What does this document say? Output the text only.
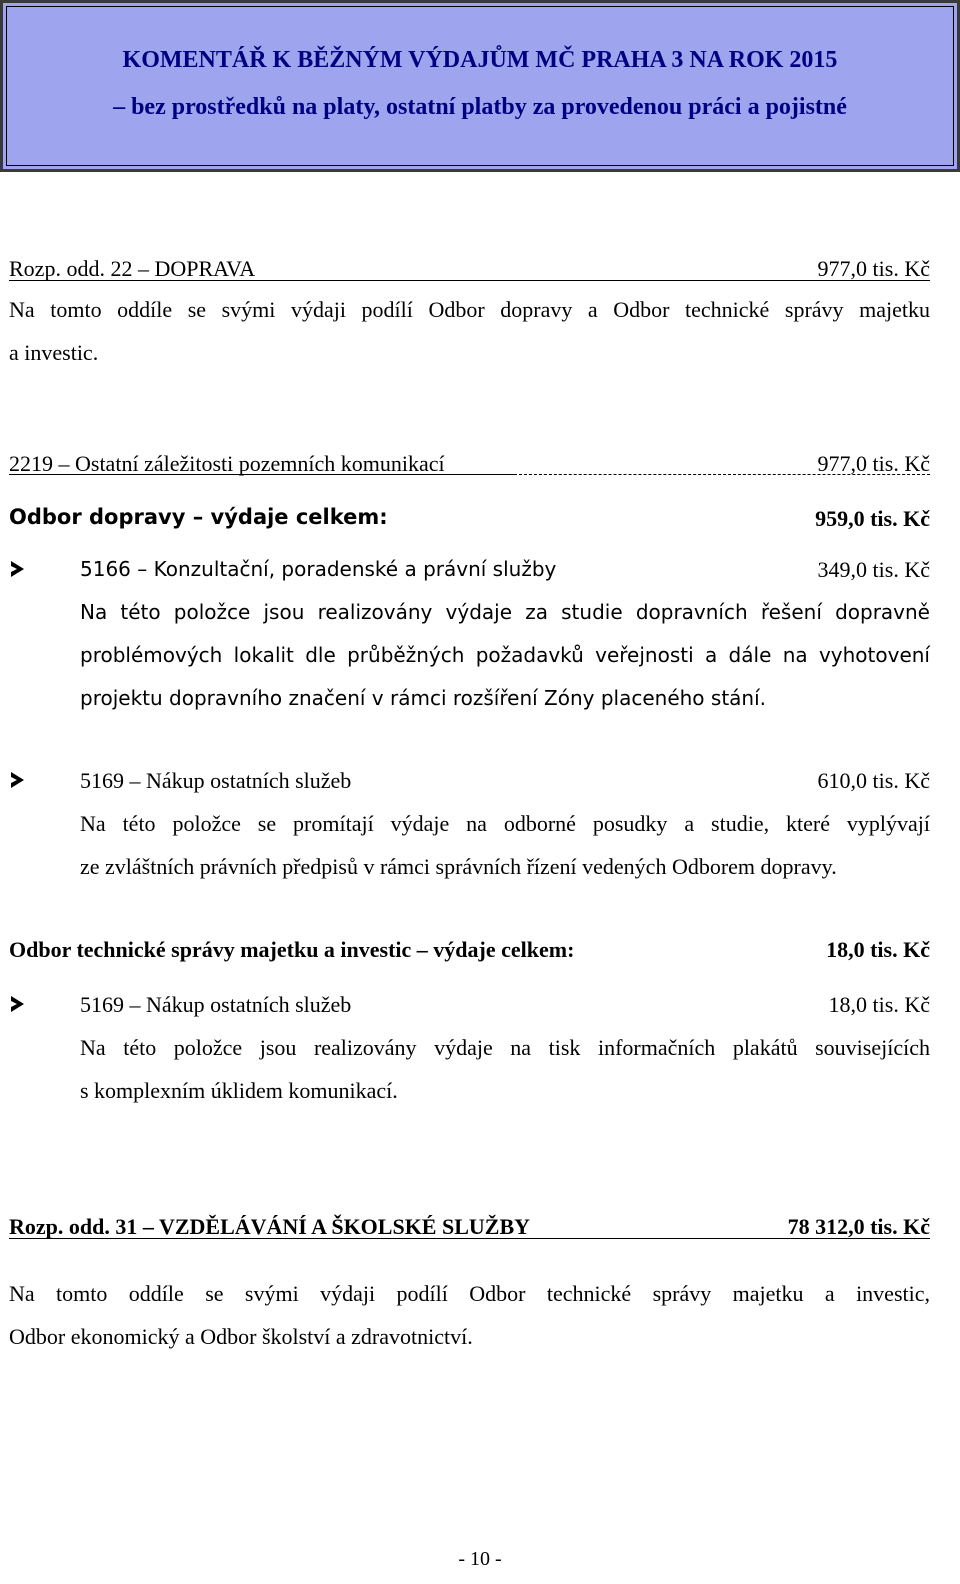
KOMENTÁŘ K BĚŽNÝM VÝDAJŮM MČ PRAHA 3 NA ROK 2015
– bez prostředků na platy, ostatní platby za provedenou práci a pojistné
Rozp. odd. 22 – DOPRAVA	977,0 tis. Kč
Na tomto oddíle se svými výdaji podílí Odbor dopravy a Odbor technické správy majetku
a investic.
2219 – Ostatní záležitosti pozemních komunikací	977,0 tis. Kč
Odbor dopravy – výdaje celkem:	959,0 tis. Kč
5166 – Konzultační, poradenské a právní služby	349,0 tis. Kč
Na této položce jsou realizovány výdaje za studie dopravních řešení dopravně
problémových lokalit dle průběžných požadavků veřejnosti a dále na vyhotovení
projektu dopravního značení v rámci rozšíření Zóny placeného stání.
5169 – Nákup ostatních služeb	610,0 tis. Kč
Na této položce se promítají výdaje na odborné posudky a studie, které vyplývají
ze zvláštních právních předpisů v rámci správních řízení vedených Odborem dopravy.
Odbor technické správy majetku a investic – výdaje celkem:	18,0 tis. Kč
5169 – Nákup ostatních služeb	18,0 tis. Kč
Na této položce jsou realizovány výdaje na tisk informačních plakátů souvisejících
s komplexním úklidem komunikací.
Rozp. odd. 31 – VZDĚLÁVÁNÍ A ŠKOLSKÉ SLUŽBY	78 312,0 tis. Kč
Na tomto oddíle se svými výdaji podílí Odbor technické správy majetku a investic,
Odbor ekonomický a Odbor školství a zdravotnictví.
- 10 -
